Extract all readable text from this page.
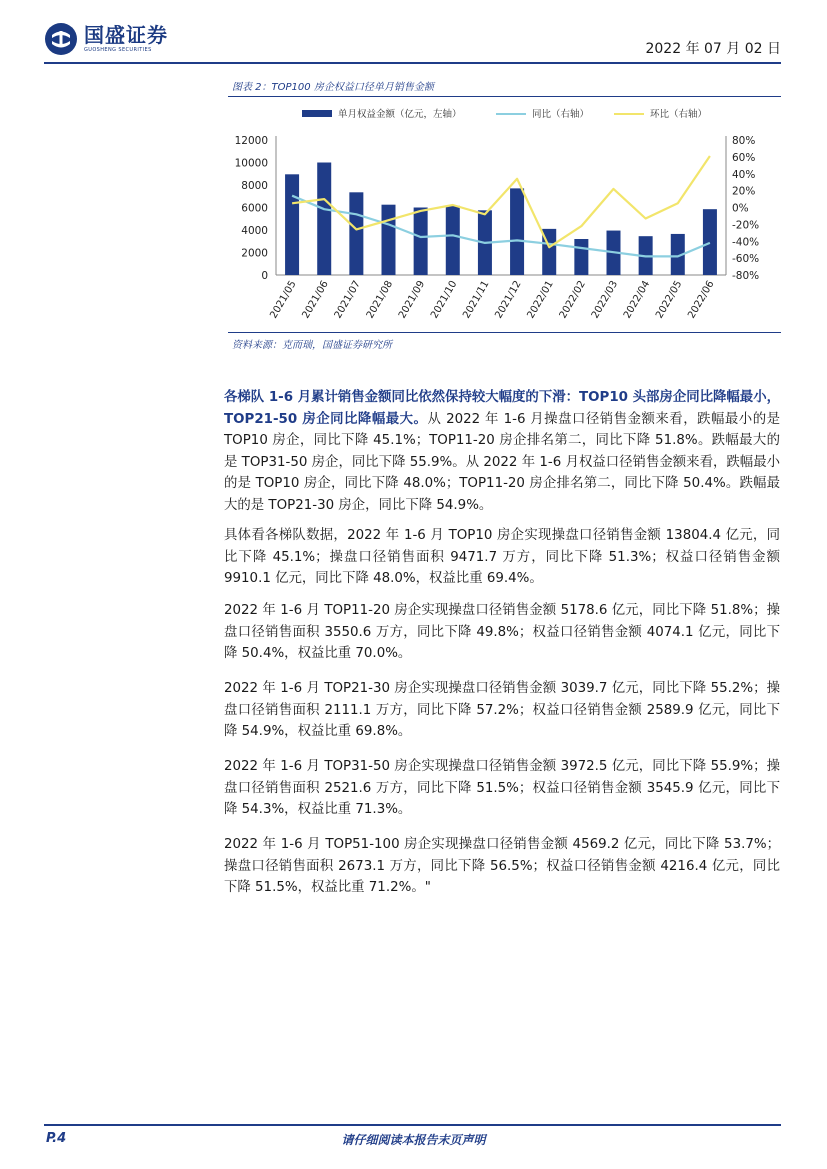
国盛证券
GUOSHENG SECURITIES	2022 年 07 月 02 日
图表 2：TOP100 房企权益口径单月销售金额
单月权益金额（亿元，左轴）	同比（右轴）	环比（右轴）
0
2000
4000
6000
8000
10000
12000	80%
60%
40%
20%
0%
-20%
-40%
-60%
-80%
2021/05 2021/06 2021/07 2021/08 2021/09 2021/10 2021/11 2021/12 2022/01 2022/02 2022/03 2022/04 2022/05 2022/06
资料来源：克而瑞，国盛证券研究所
各梯队 1-6 月累计销售金额同比依然保持较大幅度的下滑：TOP10 头部房企同比降幅最小，TOP21-50 房企同比降幅最大。从 2022 年 1-6 月操盘口径销售金额来看，跌幅最小的是 TOP10 房企，同比下降 45.1%；TOP11-20 房企排名第二，同比下降 51.8%。跌幅最大的是 TOP31-50 房企，同比下降 55.9%。从 2022 年 1-6 月权益口径销售金额来看，跌幅最小的是 TOP10 房企，同比下降 48.0%；TOP11-20 房企排名第二，同比下降 50.4%。跌幅最大的是 TOP21-30 房企，同比下降 54.9%。
具体看各梯队数据，2022 年 1-6 月 TOP10 房企实现操盘口径销售金额 13804.4 亿元，同比下降 45.1%；操盘口径销售面积 9471.7 万方，同比下降 51.3%；权益口径销售金额 9910.1 亿元，同比下降 48.0%，权益比重 69.4%。
2022 年 1-6 月 TOP11-20 房企实现操盘口径销售金额 5178.6 亿元，同比下降 51.8%；操盘口径销售面积 3550.6 万方，同比下降 49.8%；权益口径销售金额 4074.1 亿元，同比下降 50.4%，权益比重 70.0%。
2022 年 1-6 月 TOP21-30 房企实现操盘口径销售金额 3039.7 亿元，同比下降 55.2%；操盘口径销售面积 2111.1 万方，同比下降 57.2%；权益口径销售金额 2589.9 亿元，同比下降 54.9%，权益比重 69.8%。
2022 年 1-6 月 TOP31-50 房企实现操盘口径销售金额 3972.5 亿元，同比下降 55.9%；操盘口径销售面积 2521.6 万方，同比下降 51.5%；权益口径销售金额 3545.9 亿元，同比下降 54.3%，权益比重 71.3%。
2022 年 1-6 月 TOP51-100 房企实现操盘口径销售金额 4569.2 亿元，同比下降 53.7%；操盘口径销售面积 2673.1 万方，同比下降 56.5%；权益口径销售金额 4216.4 亿元，同比下降 51.5%，权益比重 71.2%。"
P.4	请仔细阅读本报告末页声明
